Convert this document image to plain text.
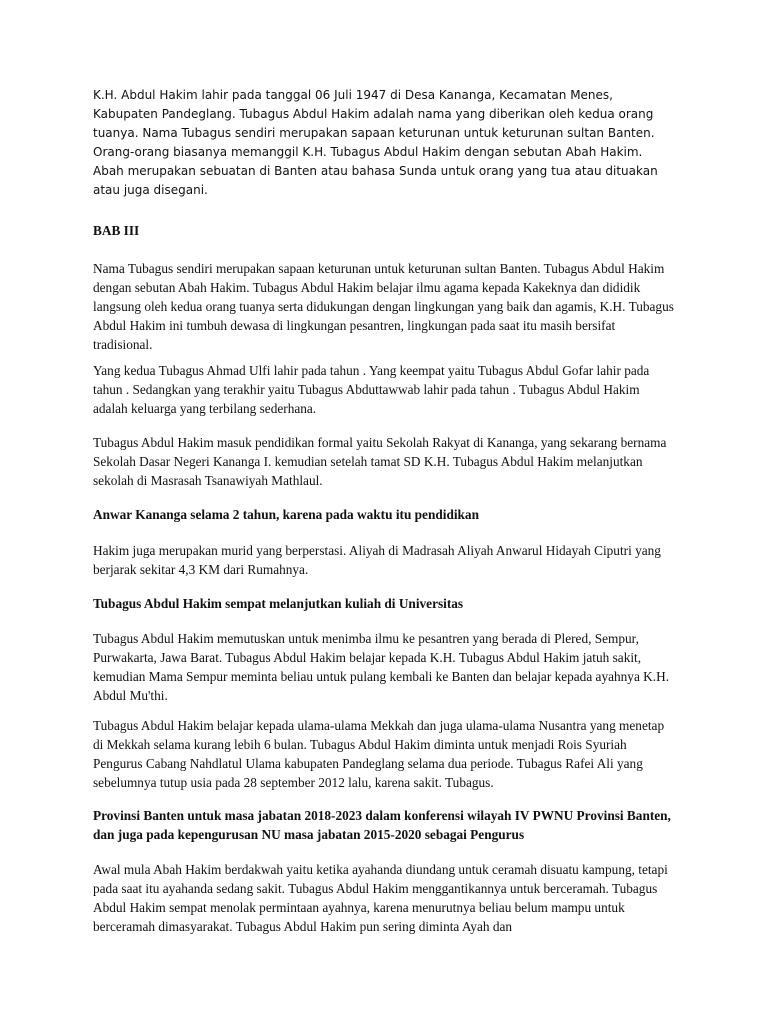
K.H. Abdul Hakim lahir pada tanggal 06 Juli 1947 di Desa Kananga, Kecamatan Menes, Kabupaten Pandeglang. Tubagus Abdul Hakim adalah nama yang diberikan oleh kedua orang tuanya. Nama Tubagus sendiri merupakan sapaan keturunan untuk keturunan sultan Banten. Orang-orang biasanya memanggil K.H. Tubagus Abdul Hakim dengan sebutan Abah Hakim. Abah merupakan sebuatan di Banten atau bahasa Sunda untuk orang yang tua atau dituakan atau juga disegani.

BAB III

Nama Tubagus sendiri merupakan sapaan keturunan untuk keturunan sultan Banten. Tubagus Abdul Hakim dengan sebutan Abah Hakim. Tubagus Abdul Hakim belajar ilmu agama kepada Kakeknya dan dididik langsung oleh kedua orang tuanya serta didukungan dengan lingkungan yang baik dan agamis, K.H. Tubagus Abdul Hakim ini tumbuh dewasa di lingkungan pesantren, lingkungan pada saat itu masih bersifat tradisional.

Yang kedua Tubagus Ahmad Ulfi lahir pada tahun . Yang keempat yaitu Tubagus Abdul Gofar lahir pada tahun . Sedangkan yang terakhir yaitu Tubagus Abduttawwab lahir pada tahun . Tubagus Abdul Hakim adalah keluarga yang terbilang sederhana.

Tubagus Abdul Hakim masuk pendidikan formal yaitu Sekolah Rakyat di Kananga, yang sekarang bernama Sekolah Dasar Negeri Kananga I. kemudian setelah tamat SD K.H. Tubagus Abdul Hakim melanjutkan sekolah di Masrasah Tsanawiyah Mathlaul.

Anwar Kananga selama 2 tahun, karena pada waktu itu pendidikan

Hakim juga merupakan murid yang berperstasi. Aliyah di Madrasah Aliyah Anwarul Hidayah Ciputri yang berjarak sekitar 4,3 KM dari Rumahnya.

Tubagus Abdul Hakim sempat melanjutkan kuliah di Universitas

Tubagus Abdul Hakim memutuskan untuk menimba ilmu ke pesantren yang berada di Plered, Sempur, Purwakarta, Jawa Barat. Tubagus Abdul Hakim belajar kepada K.H. Tubagus Abdul Hakim jatuh sakit, kemudian Mama Sempur meminta beliau untuk pulang kembali ke Banten dan belajar kepada ayahnya K.H. Abdul Mu'thi.

Tubagus Abdul Hakim belajar kepada ulama-ulama Mekkah dan juga ulama-ulama Nusantra yang menetap di Mekkah selama kurang lebih 6 bulan. Tubagus Abdul Hakim diminta untuk menjadi Rois Syuriah Pengurus Cabang Nahdlatul Ulama kabupaten Pandeglang selama dua periode. Tubagus Rafei Ali yang sebelumnya tutup usia pada 28 september 2012 lalu, karena sakit. Tubagus.

Provinsi Banten untuk masa jabatan 2018-2023 dalam konferensi wilayah IV PWNU Provinsi Banten, dan juga pada kepengurusan NU masa jabatan 2015-2020 sebagai Pengurus

Awal mula Abah Hakim berdakwah yaitu ketika ayahanda diundang untuk ceramah disuatu kampung, tetapi pada saat itu ayahanda sedang sakit. Tubagus Abdul Hakim menggantikannya untuk berceramah. Tubagus Abdul Hakim sempat menolak permintaan ayahnya, karena menurutnya beliau belum mampu untuk berceramah dimasyarakat. Tubagus Abdul Hakim pun sering diminta Ayah dan
